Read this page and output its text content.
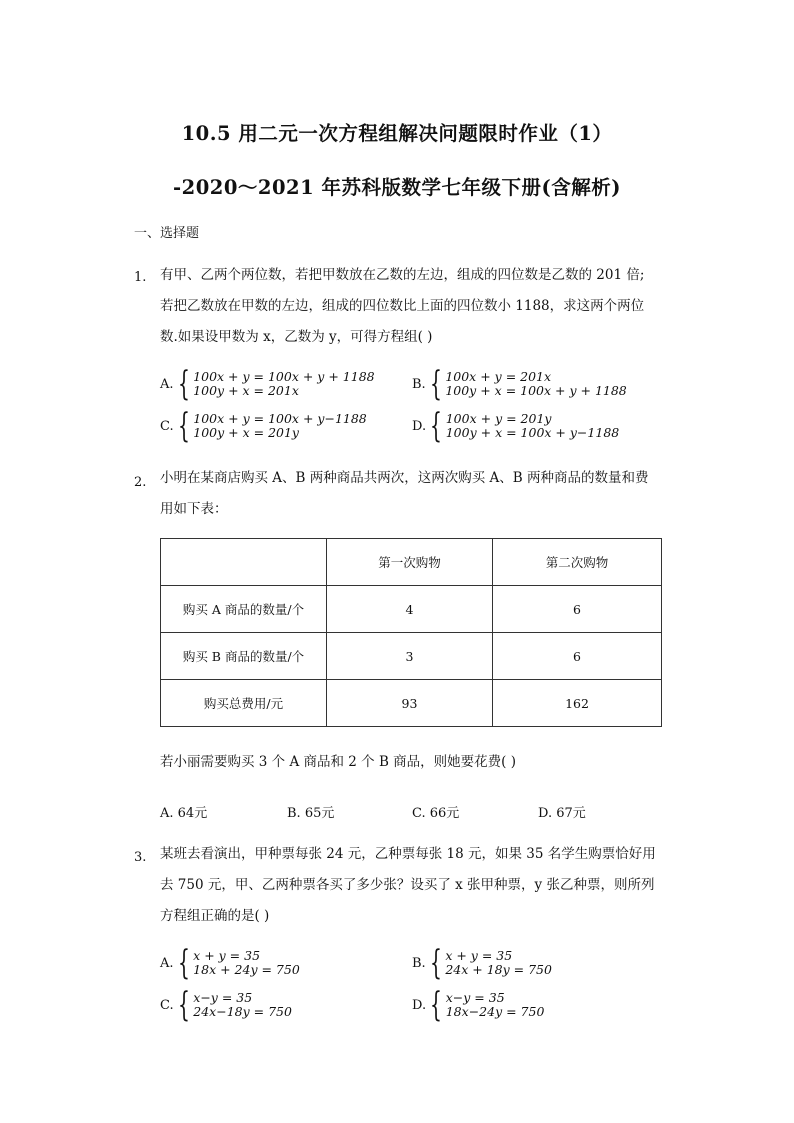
10.5 用二元一次方程组解决问题限时作业（1）
-2020～2021 年苏科版数学七年级下册(含解析)
一、选择题
1. 有甲、乙两个两位数，若把甲数放在乙数的左边，组成的四位数是乙数的 201 倍;
若把乙数放在甲数的左边，组成的四位数比上面的四位数小 1188，求这两个两位
数.如果设甲数为 x，乙数为 y，可得方程组( )
A. { 100x + y = 100x + y + 1188
100y + x = 201x	B. { 100x + y = 201x
100y + x = 100x + y + 1188
C. { 100x + y = 100x + y−1188
100y + x = 201y	D. { 100x + y = 201y
100y + x = 100x + y−1188
2. 小明在某商店购买 A、B 两种商品共两次，这两次购买 A、B 两种商品的数量和费
用如下表：
	第一次购物	第二次购物
购买 A 商品的数量/个	4	6
购买 B 商品的数量/个	3	6
购买总费用/元	93	162
若小丽需要购买 3 个 A 商品和 2 个 B 商品，则她要花费( )
A. 64元	B. 65元	C. 66元	D. 67元
3. 某班去看演出，甲种票每张 24 元，乙种票每张 18 元，如果 35 名学生购票恰好用
去 750 元，甲、乙两种票各买了多少张？设买了 x 张甲种票，y 张乙种票，则所列
方程组正确的是( )
A. { x + y = 35
18x + 24y = 750	B. { x + y = 35
24x + 18y = 750
C. { x−y = 35
24x−18y = 750	D. { x−y = 35
18x−24y = 750
